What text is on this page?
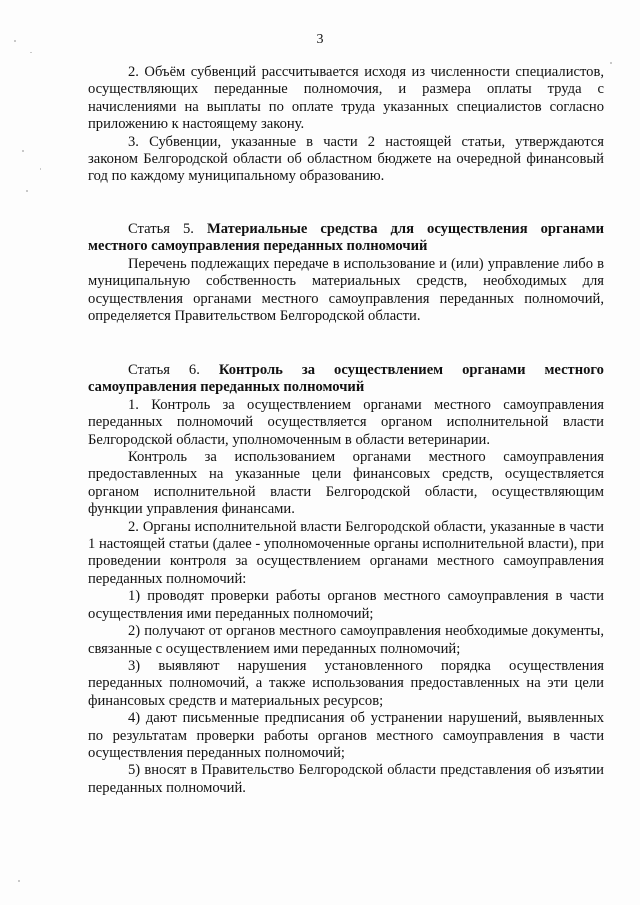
3

2. Объём субвенций рассчитывается исходя из численности специалистов, осуществляющих переданные полномочия, и размера оплаты труда с начислениями на выплаты по оплате труда указанных специалистов согласно приложению к настоящему закону.

3. Субвенции, указанные в части 2 настоящей статьи, утверждаются законом Белгородской области об областном бюджете на очередной финансовый год по каждому муниципальному образованию.

Статья 5. Материальные средства для осуществления органами местного самоуправления переданных полномочий

Перечень подлежащих передаче в использование и (или) управление либо в муниципальную собственность материальных средств, необходимых для осуществления органами местного самоуправления переданных полномочий, определяется Правительством Белгородской области.

Статья 6. Контроль за осуществлением органами местного самоуправления переданных полномочий

1. Контроль за осуществлением органами местного самоуправления переданных полномочий осуществляется органом исполнительной власти Белгородской области, уполномоченным в области ветеринарии.

Контроль за использованием органами местного самоуправления предоставленных на указанные цели финансовых средств, осуществляется органом исполнительной власти Белгородской области, осуществляющим функции управления финансами.

2. Органы исполнительной власти Белгородской области, указанные в части 1 настоящей статьи (далее - уполномоченные органы исполнительной власти), при проведении контроля за осуществлением органами местного самоуправления переданных полномочий:

1) проводят проверки работы органов местного самоуправления в части осуществления ими переданных полномочий;

2) получают от органов местного самоуправления необходимые документы, связанные с осуществлением ими переданных полномочий;

3) выявляют нарушения установленного порядка осуществления переданных полномочий, а также использования предоставленных на эти цели финансовых средств и материальных ресурсов;

4) дают письменные предписания об устранении нарушений, выявленных по результатам проверки работы органов местного самоуправления в части осуществления переданных полномочий;

5) вносят в Правительство Белгородской области представления об изъятии переданных полномочий.
